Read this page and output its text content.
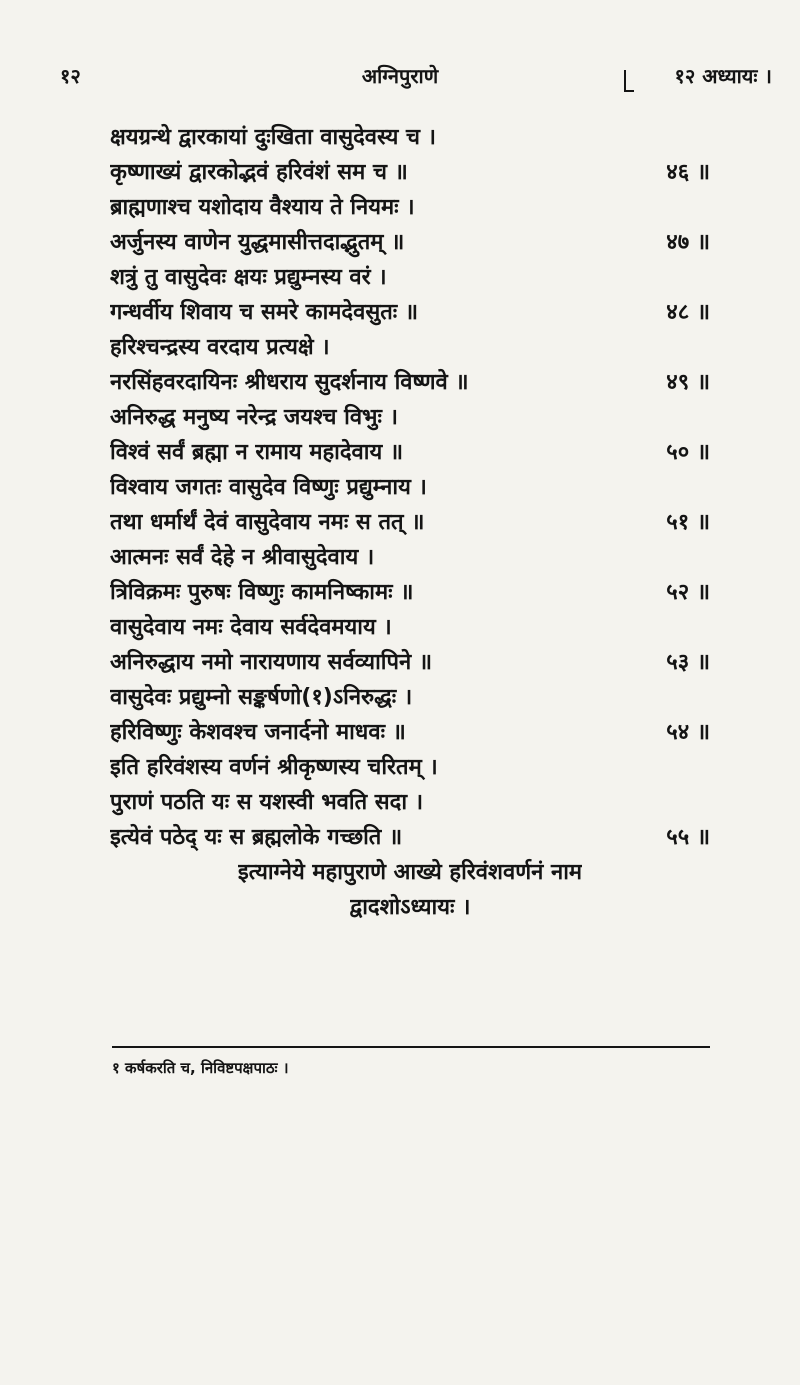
१२	अग्निपुराणे	१२ अध्यायः ।
क्षयग्रन्थे द्वारकायां दुःखिता वासुदेवस्य च ।
कृष्णाख्यं द्वारकोद्भवं हरिवंशं सम च ॥	४६ ॥
ब्राह्मणाश्च यशोदाय वैश्याय ते नियमः ।
अर्जुनस्य वाणेन युद्धमासीत्तदाद्भुतम् ॥	४७ ॥
शत्रुं तु वासुदेवः क्षयः प्रद्युम्नस्य वरं ।
गन्धर्वीय शिवाय च समरे कामदेवसुतः ॥	४८ ॥
हरिश्चन्द्रस्य वरदाय प्रत्यक्षे ।
नरसिंहवरदायिनः श्रीधराय सुदर्शनाय विष्णवे ॥	४९ ॥
अनिरुद्ध मनुष्य नरेन्द्र जयश्च विभुः ।
विश्वं सर्वं ब्रह्मा न रामाय महादेवाय ॥	५० ॥
विश्वाय जगतः वासुदेव विष्णुः प्रद्युम्नाय ।
तथा धर्मार्थं देवं वासुदेवाय नमः स तत् ॥	५१ ॥
आत्मनः सर्वं देहे न श्रीवासुदेवाय ।
त्रिविक्रमः पुरुषः विष्णुः कामनिष्कामः ॥	५२ ॥
वासुदेवाय नमः देवाय सर्वदेवमयाय ।
अनिरुद्धाय नमो नारायणाय सर्वव्यापिने ॥	५३ ॥
वासुदेवः प्रद्युम्नो सङ्कर्षणो(१)ऽनिरुद्धः ।
हरिविष्णुः केशवश्च जनार्दनो माधवः ॥	५४ ॥
इति हरिवंशस्य वर्णनं श्रीकृष्णस्य चरितम् ।
पुराणं पठति यः स यशस्वी भवति सदा ।
इत्येवं पठेद् यः स ब्रह्मलोके गच्छति ॥	५५ ॥
इत्याग्नेये महापुराणे आख्ये हरिवंशवर्णनं नाम
द्वादशोऽध्यायः ।
१ कर्षकरति च, निविष्टपक्षपाठः ।
